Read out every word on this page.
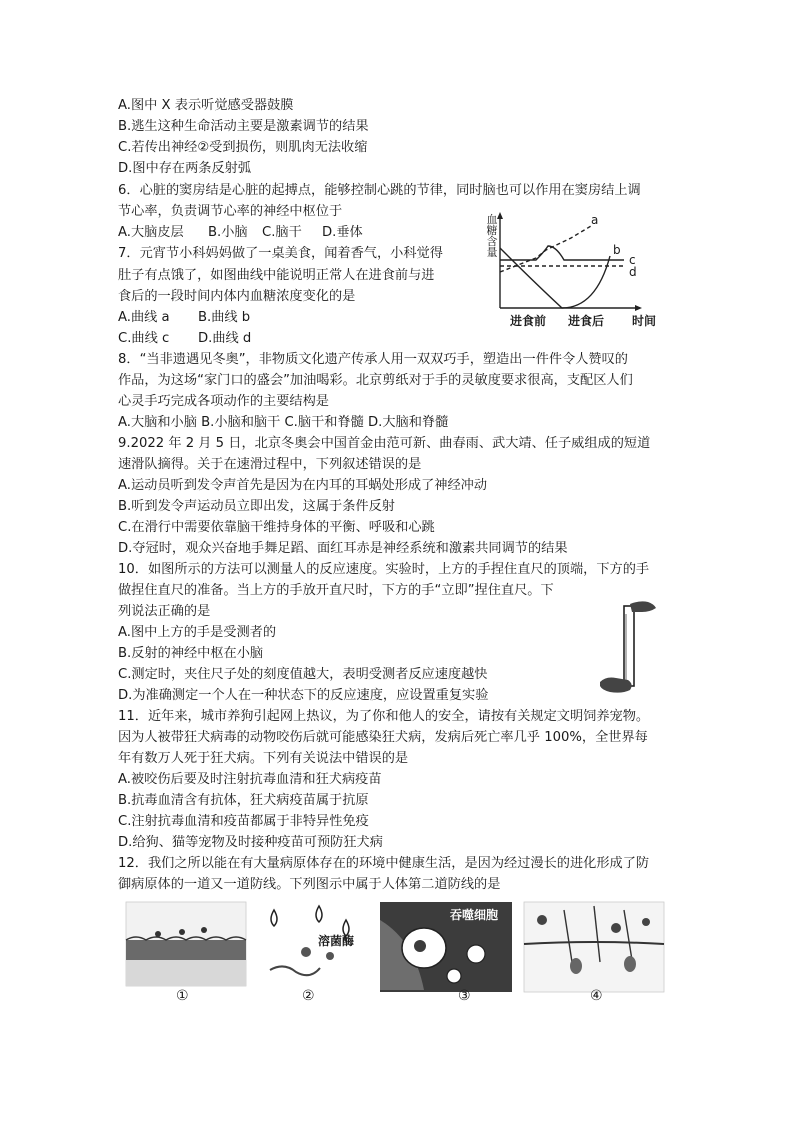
A.图中 X 表示听觉感受器鼓膜
B.逃生这种生命活动主要是激素调节的结果
C.若传出神经②受到损伤，则肌肉无法收缩
D.图中存在两条反射弧
6．心脏的窦房结是心脏的起搏点，能够控制心跳的节律，同时脑也可以作用在窦房结上调
节心率，负责调节心率的神经中枢位于
A.大脑皮层 B.小脑 C.脑干 D.垂体
7．元宵节小科妈妈做了一桌美食，闻着香气，小科觉得
肚子有点饿了，如图曲线中能说明正常人在进食前与进
食后的一段时间内体内血糖浓度变化的是
A.曲线 a B.曲线 b
C.曲线 c D.曲线 d
血
糖
含
量
a
b
c
d
进食前 进食后 时间
8．“当非遗遇见冬奥”，非物质文化遗产传承人用一双双巧手，塑造出一件件令人赞叹的
作品，为这场“家门口的盛会”加油喝彩。北京剪纸对于手的灵敏度要求很高，支配区人们
心灵手巧完成各项动作的主要结构是
A.大脑和小脑 B.小脑和脑干 C.脑干和脊髓 D.大脑和脊髓
9.2022 年 2 月 5 日，北京冬奥会中国首金由范可新、曲春雨、武大靖、任子威组成的短道
速滑队摘得。关于在速滑过程中，下列叙述错误的是
A.运动员听到发令声首先是因为在内耳的耳蜗处形成了神经冲动
B.听到发令声运动员立即出发，这属于条件反射
C.在滑行中需要依靠脑干维持身体的平衡、呼吸和心跳
D.夺冠时，观众兴奋地手舞足蹈、面红耳赤是神经系统和激素共同调节的结果
10．如图所示的方法可以测量人的反应速度。实验时，上方的手捏住直尺的顶端，下方的手
做捏住直尺的准备。当上方的手放开直尺时，下方的手“立即”捏住直尺。下
列说法正确的是
A.图中上方的手是受测者的
B.反射的神经中枢在小脑
C.测定时，夹住尺子处的刻度值越大，表明受测者反应速度越快
D.为准确测定一个人在一种状态下的反应速度，应设置重复实验
11．近年来，城市养狗引起网上热议，为了你和他人的安全，请按有关规定文明饲养宠物。
因为人被带狂犬病毒的动物咬伤后就可能感染狂犬病，发病后死亡率几乎 100%，全世界每
年有数万人死于狂犬病。下列有关说法中错误的是
A.被咬伤后要及时注射抗毒血清和狂犬病疫苗
B.抗毒血清含有抗体，狂犬病疫苗属于抗原
C.注射抗毒血清和疫苗都属于非特异性免疫
D.给狗、猫等宠物及时接种疫苗可预防狂犬病
12．我们之所以能在有大量病原体存在的环境中健康生活，是因为经过漫长的进化形成了防
御病原体的一道又一道防线。下列图示中属于人体第二道防线的是
溶菌酶
吞噬细胞
①	②	③	④
